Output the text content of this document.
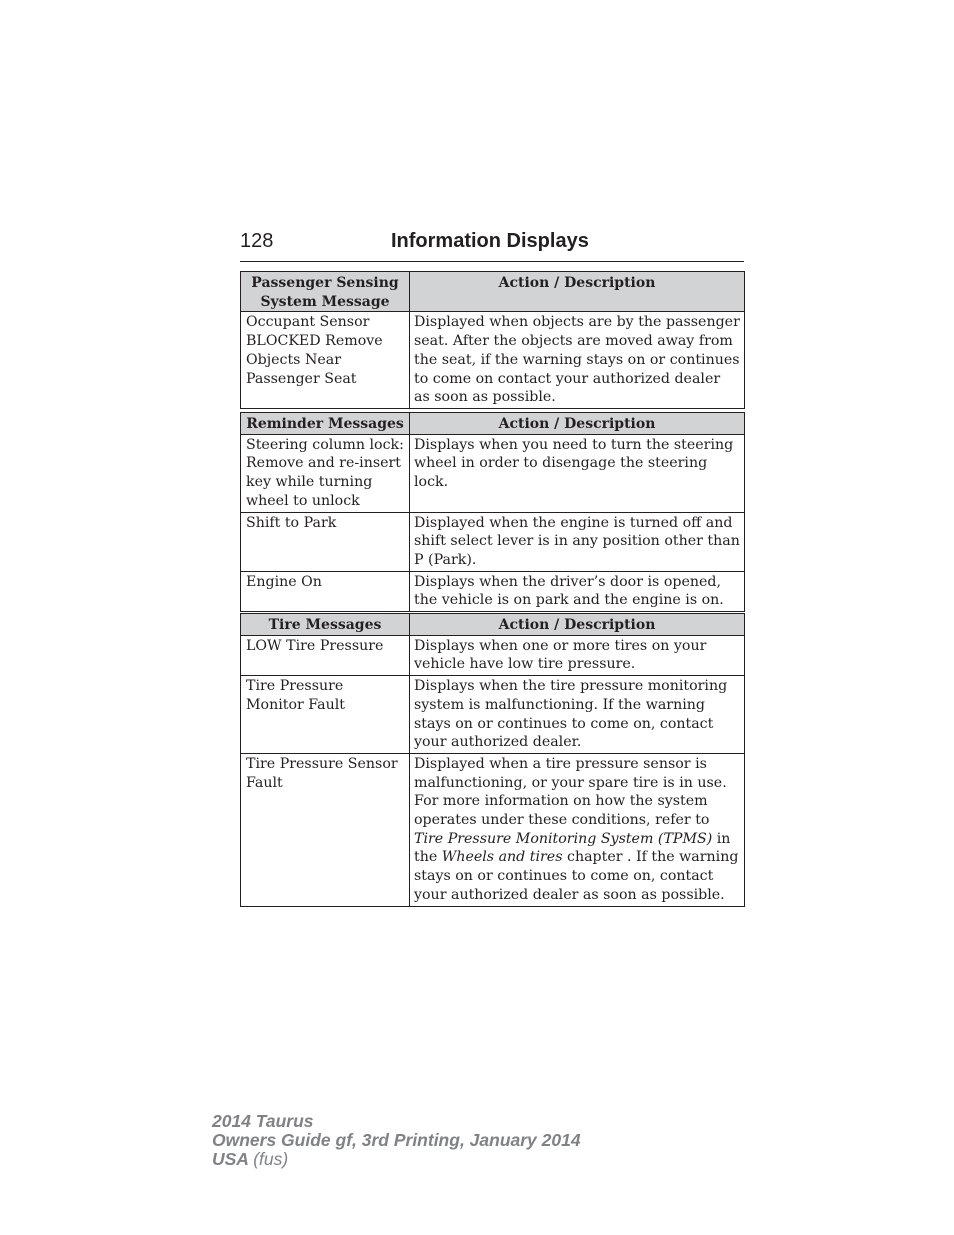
128	Information Displays
Passenger Sensing System Message	Action / Description
Occupant Sensor BLOCKED Remove Objects Near Passenger Seat	Displayed when objects are by the passenger seat. After the objects are moved away from the seat, if the warning stays on or continues to come on contact your authorized dealer as soon as possible.
Reminder Messages	Action / Description
Steering column lock: Remove and re-insert key while turning wheel to unlock	Displays when you need to turn the steering wheel in order to disengage the steering lock.
Shift to Park	Displayed when the engine is turned off and shift select lever is in any position other than P (Park).
Engine On	Displays when the driver’s door is opened, the vehicle is on park and the engine is on.
Tire Messages	Action / Description
LOW Tire Pressure	Displays when one or more tires on your vehicle have low tire pressure.
Tire Pressure Monitor Fault	Displays when the tire pressure monitoring system is malfunctioning. If the warning stays on or continues to come on, contact your authorized dealer.
Tire Pressure Sensor Fault	Displayed when a tire pressure sensor is malfunctioning, or your spare tire is in use. For more information on how the system operates under these conditions, refer to Tire Pressure Monitoring System (TPMS) in the Wheels and tires chapter . If the warning stays on or continues to come on, contact your authorized dealer as soon as possible.
2014 Taurus
Owners Guide gf, 3rd Printing, January 2014
USA (fus)
